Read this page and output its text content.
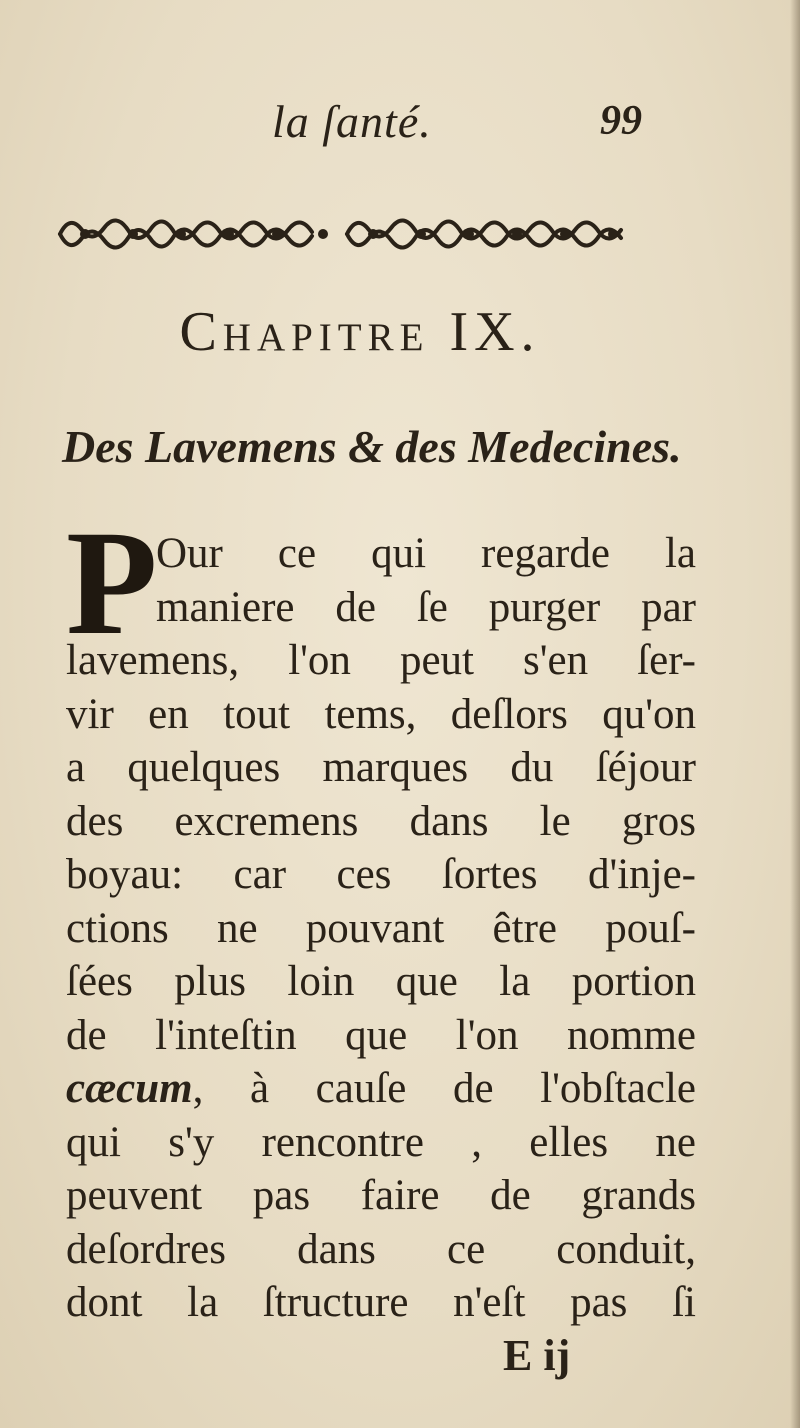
la ſanté.	99
Chapitre IX.
Des Lavemens & des Medecines.
P
Our ce qui regarde la
maniere de ſe purger par
lavemens, l'on peut s'en ſer-
vir en tout tems, deſlors qu'on
a quelques marques du ſéjour
des excremens dans le gros
boyau: car ces ſortes d'inje-
ctions ne pouvant être pouſ-
ſées plus loin que la portion
de l'inteſtin que l'on nomme
cæcum, à cauſe de l'obſtacle
qui s'y rencontre , elles ne
peuvent pas faire de grands
deſordres dans ce conduit,
dont la ſtructure n'eſt pas ſi
E ij
